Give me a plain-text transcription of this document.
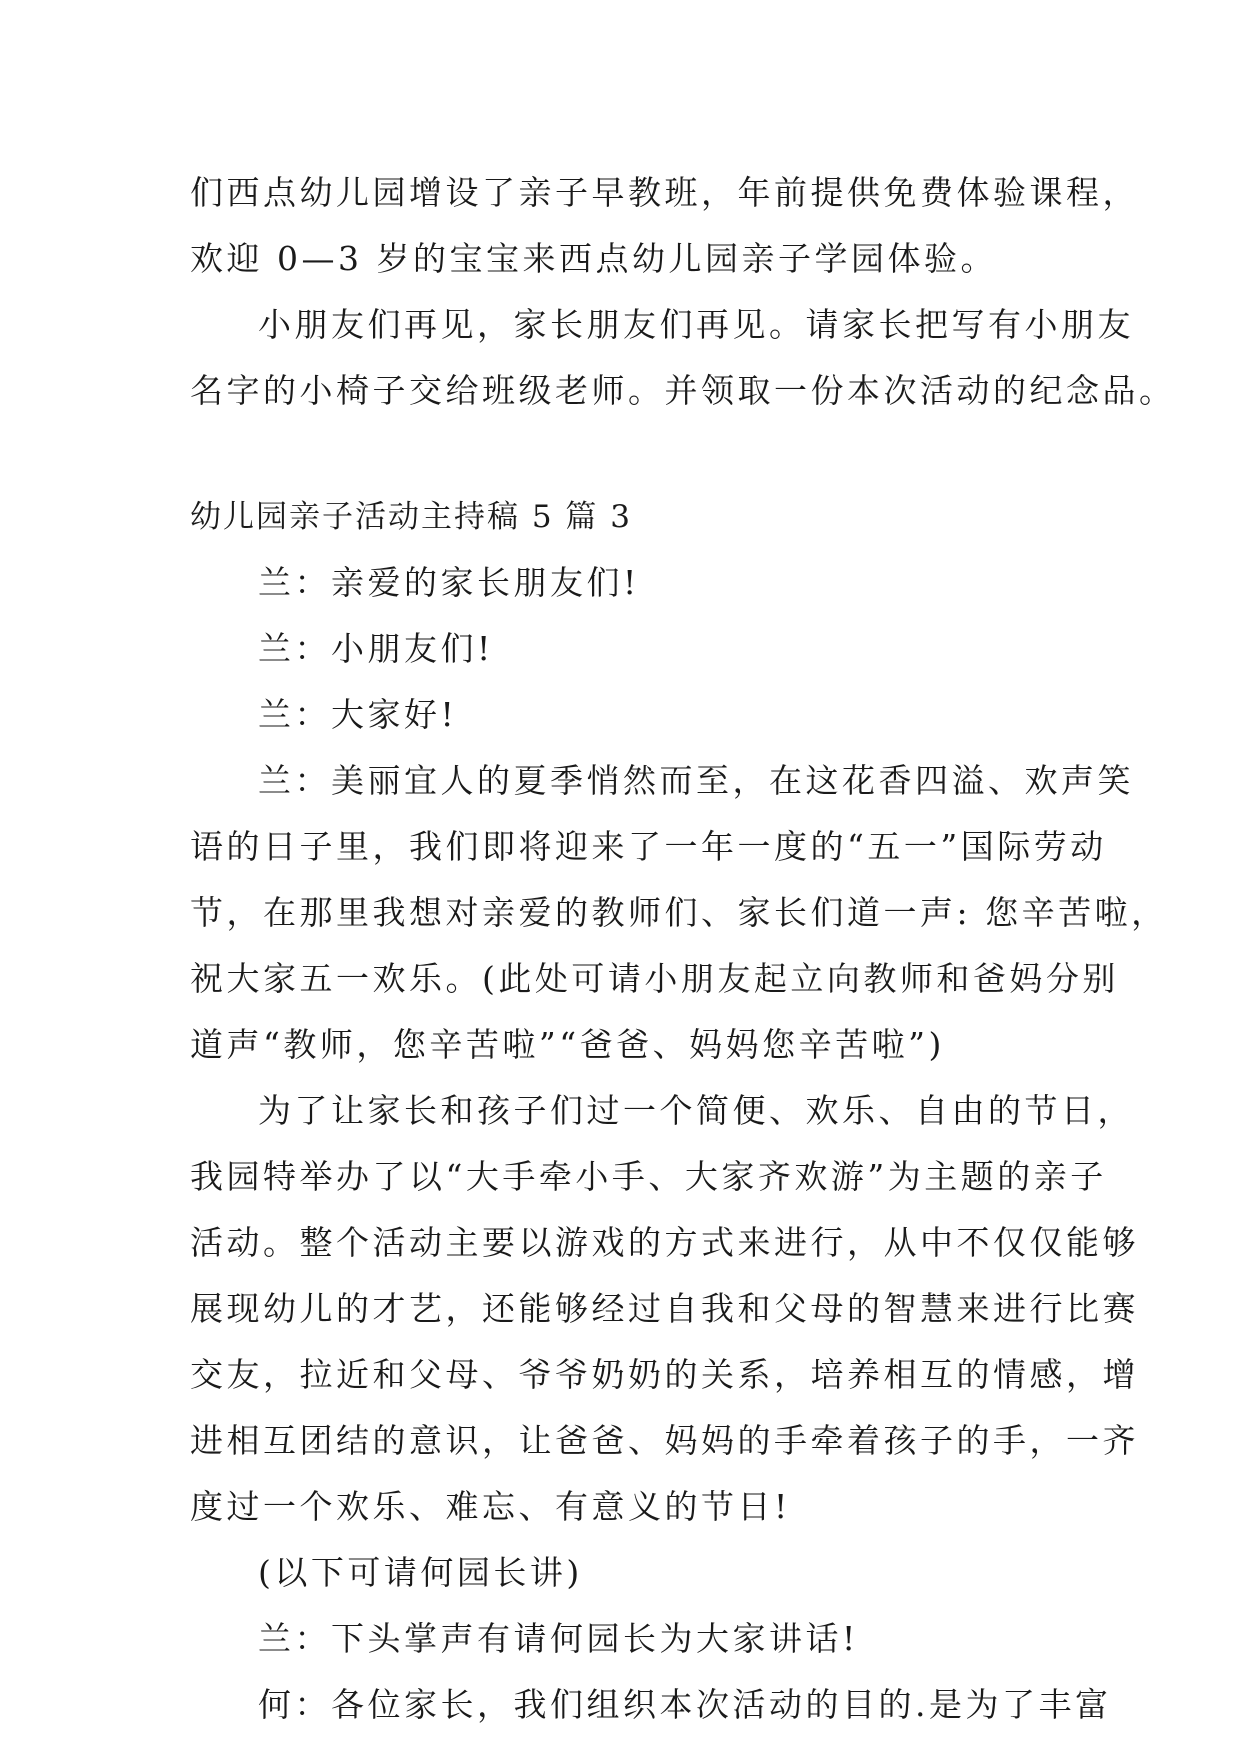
们西点幼儿园增设了亲子早教班，年前提供免费体验课程，
欢迎 0—3 岁的宝宝来西点幼儿园亲子学园体验。
小朋友们再见，家长朋友们再见。请家长把写有小朋友
名字的小椅子交给班级老师。并领取一份本次活动的纪念品。
幼儿园亲子活动主持稿 5 篇 3
兰：亲爱的家长朋友们!
兰：小朋友们!
兰：大家好!
兰：美丽宜人的夏季悄然而至，在这花香四溢、欢声笑
语的日子里，我们即将迎来了一年一度的“五一”国际劳动
节，在那里我想对亲爱的教师们、家长们道一声: 您辛苦啦，
祝大家五一欢乐。(此处可请小朋友起立向教师和爸妈分别
道声“教师，您辛苦啦”“爸爸、妈妈您辛苦啦”)
为了让家长和孩子们过一个简便、欢乐、自由的节日，
我园特举办了以“大手牵小手、大家齐欢游”为主题的亲子
活动。整个活动主要以游戏的方式来进行，从中不仅仅能够
展现幼儿的才艺，还能够经过自我和父母的智慧来进行比赛
交友，拉近和父母、爷爷奶奶的关系，培养相互的情感，增
进相互团结的意识，让爸爸、妈妈的手牵着孩子的手，一齐
度过一个欢乐、难忘、有意义的节日!
(以下可请何园长讲)
兰：下头掌声有请何园长为大家讲话!
何：各位家长，我们组织本次活动的目的.是为了丰富
